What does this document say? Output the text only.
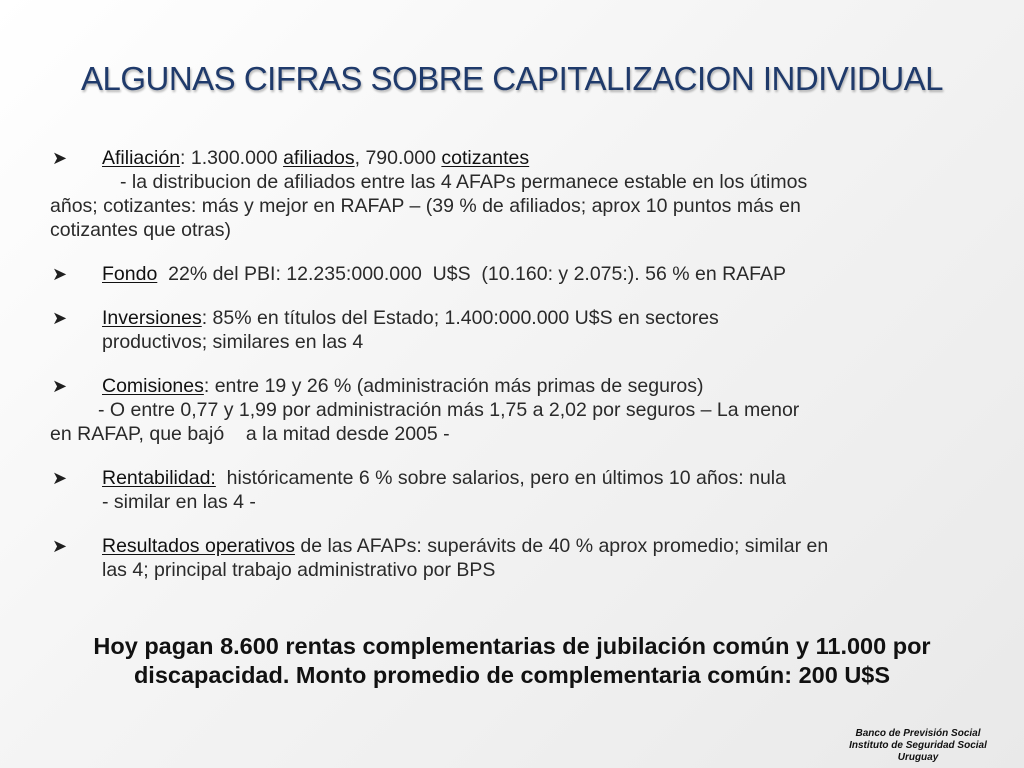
ALGUNAS CIFRAS SOBRE CAPITALIZACION INDIVIDUAL
➤ Afiliación: 1.300.000 afiliados, 790.000 cotizantes
- la distribucion de afiliados entre las 4 AFAPs permanece estable en los útimos
años; cotizantes: más y mejor en RAFAP – (39 % de afiliados; aprox 10 puntos más en
cotizantes que otras)
➤ Fondo  22% del PBI: 12.235:000.000  U$S  (10.160: y 2.075:). 56 % en RAFAP
➤ Inversiones: 85% en títulos del Estado; 1.400:000.000 U$S en sectores
productivos; similares en las 4
➤ Comisiones: entre 19 y 26 % (administración más primas de seguros)
- O entre 0,77 y 1,99 por administración más 1,75 a 2,02 por seguros – La menor
en RAFAP, que bajó    a la mitad desde 2005 -
➤ Rentabilidad:  históricamente 6 % sobre salarios, pero en últimos 10 años: nula
- similar en las 4 -
➤ Resultados operativos de las AFAPs: superávits de 40 % aprox promedio; similar en
las 4; principal trabajo administrativo por BPS
Hoy pagan 8.600 rentas complementarias de jubilación común y 11.000 por
discapacidad. Monto promedio de complementaria común: 200 U$S
Banco de Previsión Social
Instituto de Seguridad Social
Uruguay
